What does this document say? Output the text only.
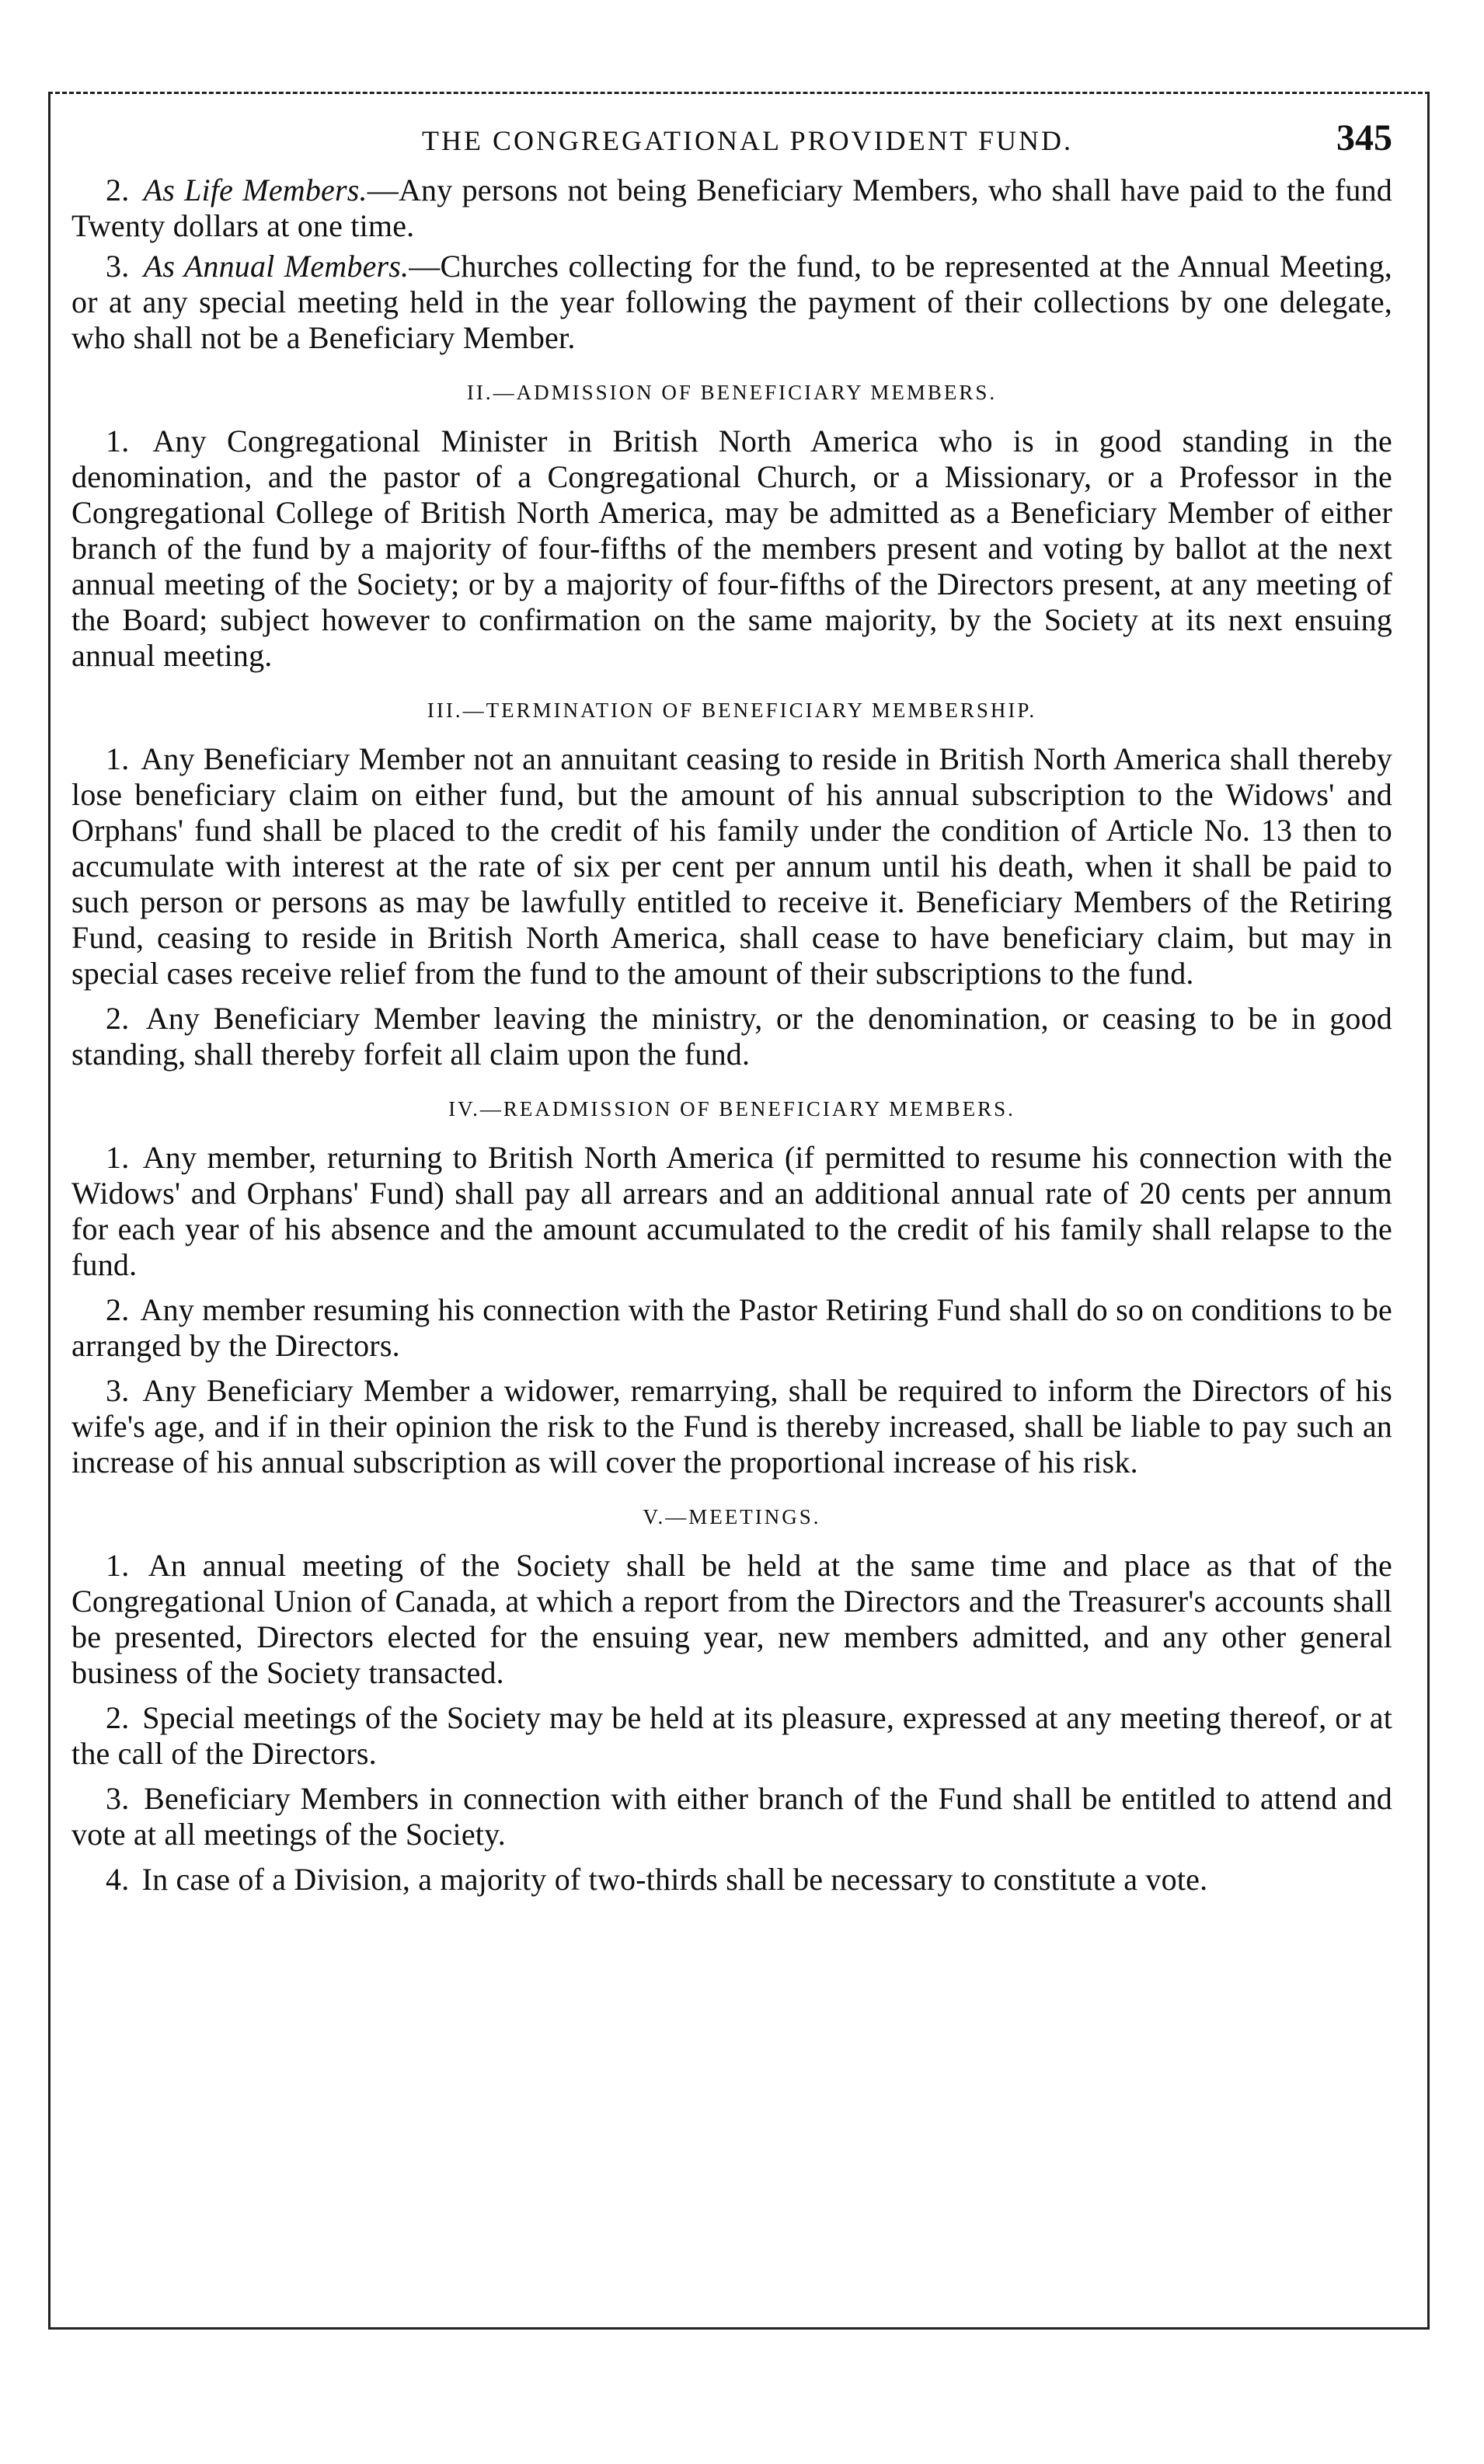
THE CONGREGATIONAL PROVIDENT FUND.	345

2. As Life Members.—Any persons not being Beneficiary Members, who shall have paid to the fund Twenty dollars at one time.

3. As Annual Members.—Churches collecting for the fund, to be represented at the Annual Meeting, or at any special meeting held in the year following the payment of their collections by one delegate, who shall not be a Beneficiary Member.

II.—ADMISSION OF BENEFICIARY MEMBERS.

1. Any Congregational Minister in British North America who is in good standing in the denomination, and the pastor of a Congregational Church, or a Missionary, or a Professor in the Congregational College of British North America, may be admitted as a Beneficiary Member of either branch of the fund by a majority of four-fifths of the members present and voting by ballot at the next annual meeting of the Society; or by a majority of four-fifths of the Directors present, at any meeting of the Board; subject however to confirmation on the same majority, by the Society at its next ensuing annual meeting.

III.—TERMINATION OF BENEFICIARY MEMBERSHIP.

1. Any Beneficiary Member not an annuitant ceasing to reside in British North America shall thereby lose beneficiary claim on either fund, but the amount of his annual subscription to the Widows' and Orphans' fund shall be placed to the credit of his family under the condition of Article No. 13 then to accumulate with interest at the rate of six per cent per annum until his death, when it shall be paid to such person or persons as may be lawfully entitled to receive it. Beneficiary Members of the Retiring Fund, ceasing to reside in British North America, shall cease to have beneficiary claim, but may in special cases receive relief from the fund to the amount of their subscriptions to the fund.

2. Any Beneficiary Member leaving the ministry, or the denomination, or ceasing to be in good standing, shall thereby forfeit all claim upon the fund.

IV.—READMISSION OF BENEFICIARY MEMBERS.

1. Any member, returning to British North America (if permitted to resume his connection with the Widows' and Orphans' Fund) shall pay all arrears and an additional annual rate of 20 cents per annum for each year of his absence and the amount accumulated to the credit of his family shall relapse to the fund.

2. Any member resuming his connection with the Pastor Retiring Fund shall do so on conditions to be arranged by the Directors.

3. Any Beneficiary Member a widower, remarrying, shall be required to inform the Directors of his wife's age, and if in their opinion the risk to the Fund is thereby increased, shall be liable to pay such an increase of his annual subscription as will cover the proportional increase of his risk.

V.—MEETINGS.

1. An annual meeting of the Society shall be held at the same time and place as that of the Congregational Union of Canada, at which a report from the Directors and the Treasurer's accounts shall be presented, Directors elected for the ensuing year, new members admitted, and any other general business of the Society transacted.

2. Special meetings of the Society may be held at its pleasure, expressed at any meeting thereof, or at the call of the Directors.

3. Beneficiary Members in connection with either branch of the Fund shall be entitled to attend and vote at all meetings of the Society.

4. In case of a Division, a majority of two-thirds shall be necessary to constitute a vote.
